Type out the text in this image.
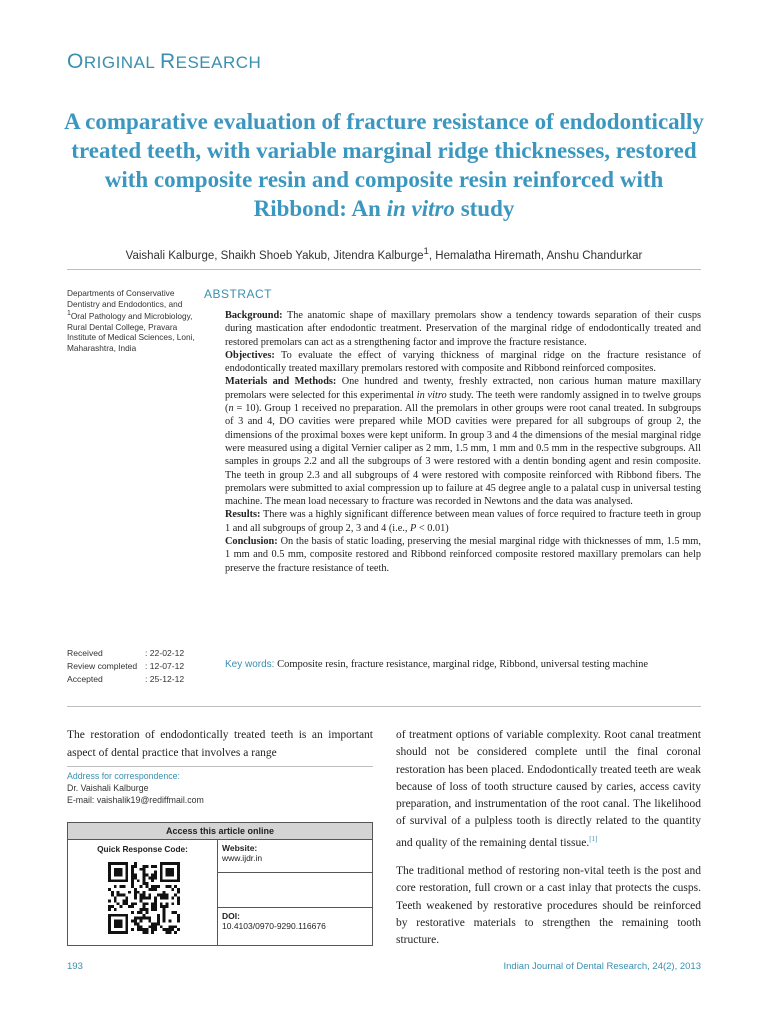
ORIGINAL RESEARCH
A comparative evaluation of fracture resistance of endodontically treated teeth, with variable marginal ridge thicknesses, restored with composite resin and composite resin reinforced with Ribbond: An in vitro study
Vaishali Kalburge, Shaikh Shoeb Yakub, Jitendra Kalburge$^1$, Hemalatha Hiremath, Anshu Chandurkar
Departments of Conservative Dentistry and Endodontics, and $^1$Oral Pathology and Microbiology, Rural Dental College, Pravara Institute of Medical Sciences, Loni, Maharashtra, India
ABSTRACT

Background: The anatomic shape of maxillary premolars show a tendency towards separation of their cusps during mastication after endodontic treatment. Preservation of the marginal ridge of endodontically treated and restored premolars can act as a strengthening factor and improve the fracture resistance.

Objectives: To evaluate the effect of varying thickness of marginal ridge on the fracture resistance of endodontically treated maxillary premolars restored with composite and Ribbond reinforced composites.

Materials and Methods: One hundred and twenty, freshly extracted, non carious human mature maxillary premolars were selected for this experimental in vitro study. The teeth were randomly assigned in to twelve groups (n = 10). Group 1 received no preparation. All the premolars in other groups were root canal treated. In subgroups of 3 and 4, DO cavities were prepared while MOD cavities were prepared for all subgroups of group 2, the dimensions of the proximal boxes were kept uniform. In group 3 and 4 the dimensions of the mesial marginal ridge were measured using a digital Vernier caliper as 2 mm, 1.5 mm, 1 mm and 0.5 mm in the respective subgroups. All samples in groups 2.2 and all the subgroups of 3 were restored with a dentin bonding agent and resin composite. The teeth in group 2.3 and all subgroups of 4 were restored with composite reinforced with Ribbond fibers. The premolars were submitted to axial compression up to failure at 45 degree angle to a palatal cusp in universal testing machine. The mean load necessary to fracture was recorded in Newtons and the data was analysed.

Results: There was a highly significant difference between mean values of force required to fracture teeth in group 1 and all subgroups of group 2, 3 and 4 (i.e., P < 0.01)

Conclusion: On the basis of static loading, preserving the mesial marginal ridge with thicknesses of mm, 1.5 mm, 1 mm and 0.5 mm, composite restored and Ribbond reinforced composite restored maxillary premolars can help preserve the fracture resistance of teeth.

Received	: 22-02-12
Review completed : 12-07-12
Accepted	: 25-12-12
Key words: Composite resin, fracture resistance, marginal ridge, Ribbond, universal testing machine
The restoration of endodontically treated teeth is an important aspect of dental practice that involves a range
Address for correspondence:
Dr. Vaishali Kalburge
E-mail: vaishalik19@rediffmail.com
Access this article online
Quick Response Code:	Website:
www.ijdr.in
DOI:
10.4103/0970-9290.116676

of treatment options of variable complexity. Root canal treatment should not be considered complete until the final coronal restoration has been placed. Endodontically treated teeth are weak because of loss of tooth structure caused by caries, access cavity preparation, and instrumentation of the root canal. The likelihood of survival of a pulpless tooth is directly related to the quantity and quality of the remaining dental tissue.[1]

The traditional method of restoring non-vital teeth is the post and core restoration, full crown or a cast inlay that protects the cusps. Teeth weakened by restorative procedures should be reinforced by restorative materials to strengthen the remaining tooth structure.

193	Indian Journal of Dental Research, 24(2), 2013
